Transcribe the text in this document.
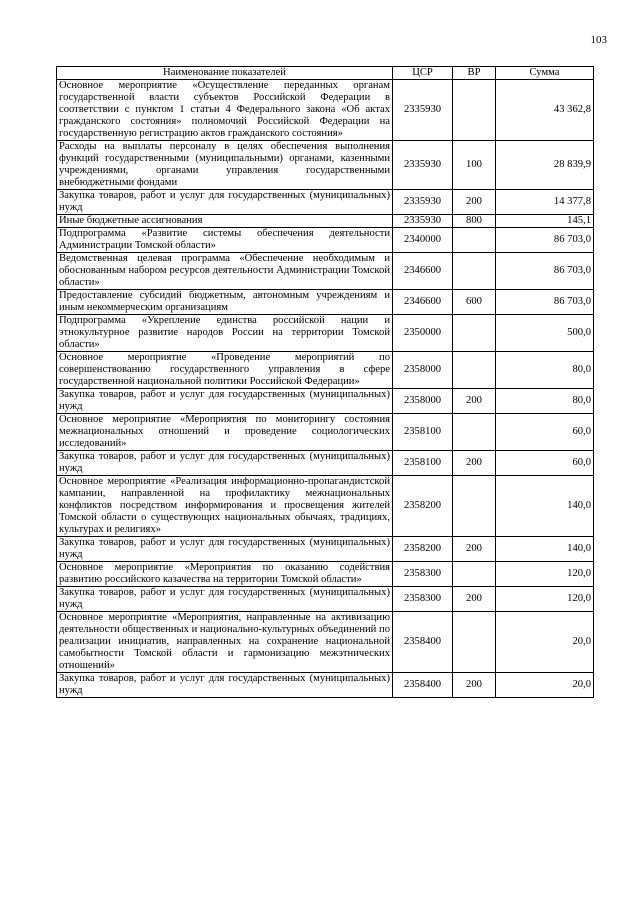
103
Наименование показателей	ЦСР	ВР	Сумма
Основное мероприятие «Осуществление переданных органам государственной власти субъектов Российской Федерации в соответствии с пунктом 1 статьи 4 Федерального закона «Об актах гражданского состояния» полномочий Российской Федерации на государственную регистрацию актов гражданского состояния»	2335930		43 362,8
Расходы на выплаты персоналу в целях обеспечения выполнения функций государственными (муниципальными) органами, казенными учреждениями, органами управления государственными внебюджетными фондами	2335930	100	28 839,9
Закупка товаров, работ и услуг для государственных (муниципальных) нужд	2335930	200	14 377,8
Иные бюджетные ассигнования	2335930	800	145,1
Подпрограмма «Развитие системы обеспечения деятельности Администрации Томской области»	2340000		86 703,0
Ведомственная целевая программа «Обеспечение необходимым и обоснованным набором ресурсов деятельности Администрации Томской области»	2346600		86 703,0
Предоставление субсидий бюджетным, автономным учреждениям и иным некоммерческим организациям	2346600	600	86 703,0
Подпрограмма «Укрепление единства российской нации и этнокультурное развитие народов России на территории Томской области»	2350000		500,0
Основное мероприятие «Проведение мероприятий по совершенствованию государственного управления в сфере государственной национальной политики Российской Федерации»	2358000		80,0
Закупка товаров, работ и услуг для государственных (муниципальных) нужд	2358000	200	80,0
Основное мероприятие «Мероприятия по мониторингу состояния межнациональных отношений и проведение социологических исследований»	2358100		60,0
Закупка товаров, работ и услуг для государственных (муниципальных) нужд	2358100	200	60,0
Основное мероприятие «Реализация информационно-пропагандистской кампании, направленной на профилактику межнациональных конфликтов посредством информирования и просвещения жителей Томской области о существующих национальных обычаях, традициях, культурах и религиях»	2358200		140,0
Закупка товаров, работ и услуг для государственных (муниципальных) нужд	2358200	200	140,0
Основное мероприятие «Мероприятия по оказанию содействия развитию российского казачества на территории Томской области»	2358300		120,0
Закупка товаров, работ и услуг для государственных (муниципальных) нужд	2358300	200	120,0
Основное мероприятие «Мероприятия, направленные на активизацию деятельности общественных и национально-культурных объединений по реализации инициатив, направленных на сохранение национальной самобытности Томской области и гармонизацию межэтнических отношений»	2358400		20,0
Закупка товаров, работ и услуг для государственных (муниципальных) нужд	2358400	200	20,0
